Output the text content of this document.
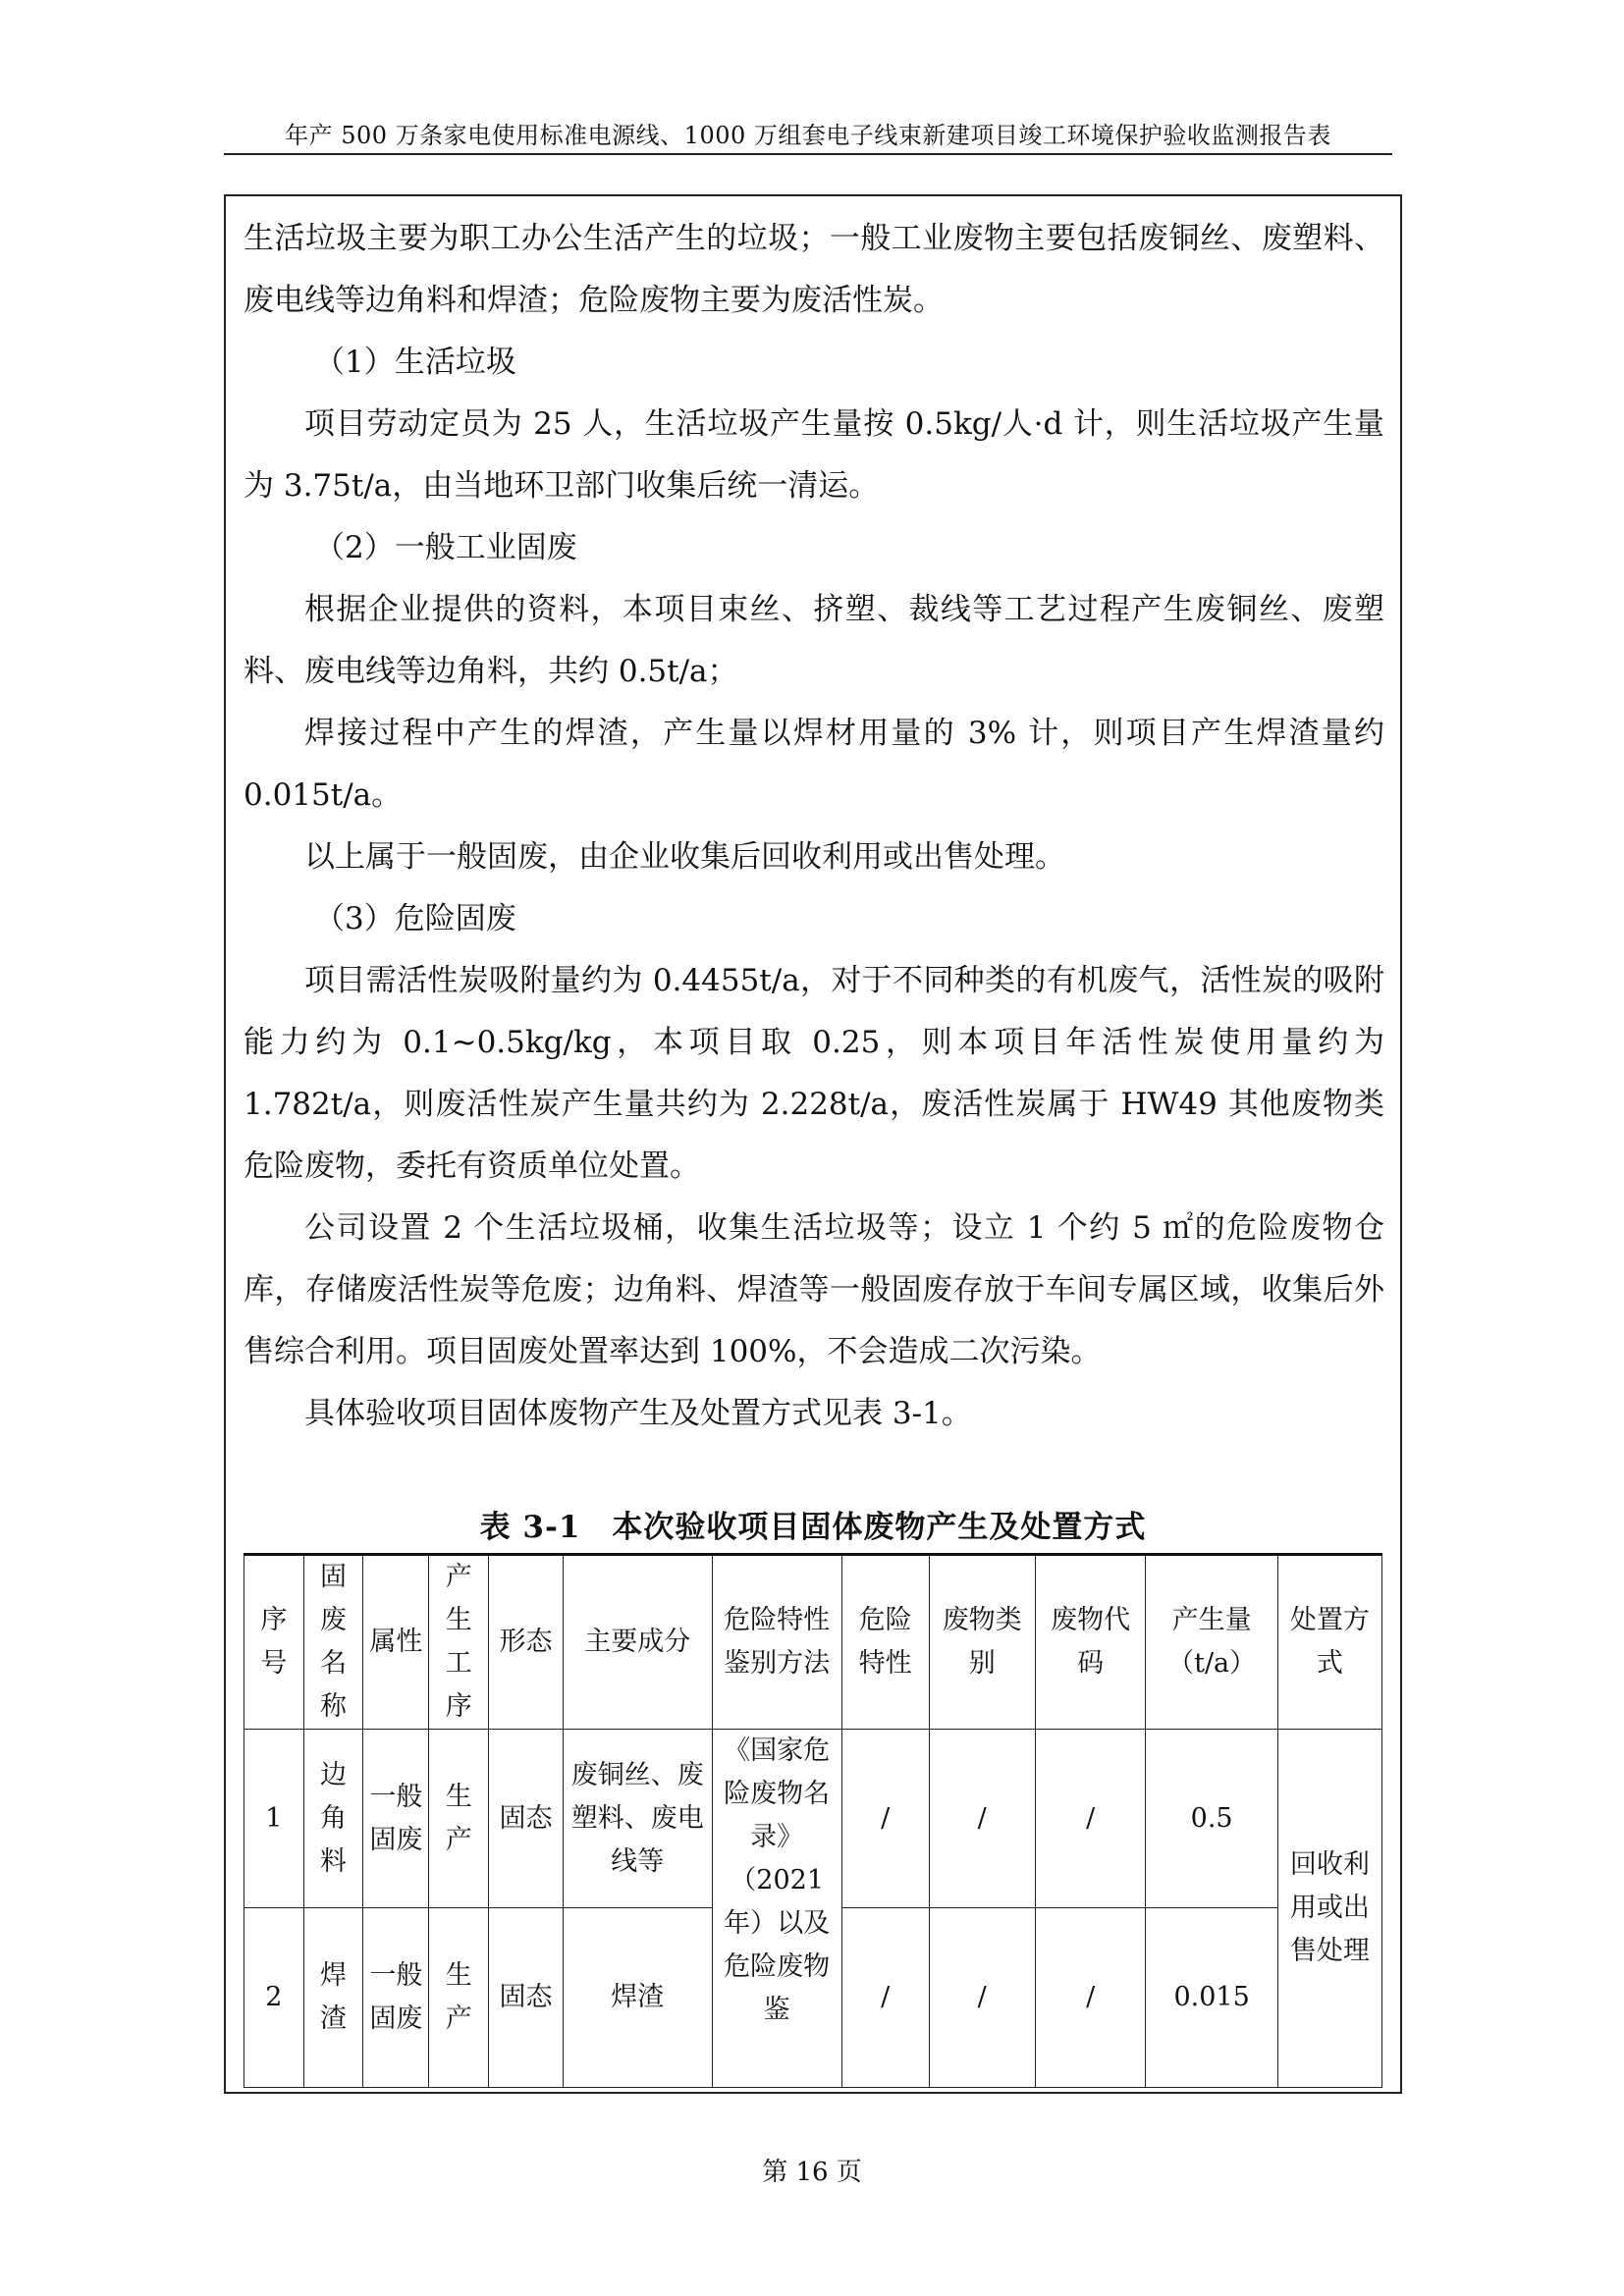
年产 500 万条家电使用标准电源线、1000 万组套电子线束新建项目竣工环境保护验收监测报告表

生活垃圾主要为职工办公生活产生的垃圾；一般工业废物主要包括废铜丝、废塑料、废电线等边角料和焊渣；危险废物主要为废活性炭。

（1）生活垃圾

项目劳动定员为 25 人，生活垃圾产生量按 0.5kg/人·d 计，则生活垃圾产生量为 3.75t/a，由当地环卫部门收集后统一清运。

（2）一般工业固废

根据企业提供的资料，本项目束丝、挤塑、裁线等工艺过程产生废铜丝、废塑料、废电线等边角料，共约 0.5t/a；

焊接过程中产生的焊渣，产生量以焊材用量的 3% 计，则项目产生焊渣量约 0.015t/a。

以上属于一般固废，由企业收集后回收利用或出售处理。

（3）危险固废

项目需活性炭吸附量约为 0.4455t/a，对于不同种类的有机废气，活性炭的吸附能力约为 0.1~0.5kg/kg，本项目取 0.25，则本项目年活性炭使用量约为 1.782t/a，则废活性炭产生量共约为 2.228t/a，废活性炭属于 HW49 其他废物类危险废物，委托有资质单位处置。

公司设置 2 个生活垃圾桶，收集生活垃圾等；设立 1 个约 5 ㎡的危险废物仓库，存储废活性炭等危废；边角料、焊渣等一般固废存放于车间专属区域，收集后外售综合利用。项目固废处置率达到 100%，不会造成二次污染。

具体验收项目固体废物产生及处置方式见表 3-1。

表 3-1　本次验收项目固体废物产生及处置方式
序号	固废名称	属性	产生工序	形态	主要成分	危险特性鉴别方法	危险特性	废物类别	废物代码	产生量（t/a）	处置方式
1	边角料	一般固废	生产	固态	废铜丝、废塑料、废电线等	《国家危险废物名录》（2021年）以及危险废物鉴	/	/	/	0.5	回收利用或出售处理
2	焊渣	一般固废	生产	固态	焊渣		/	/	/	0.015	
第 16 页
